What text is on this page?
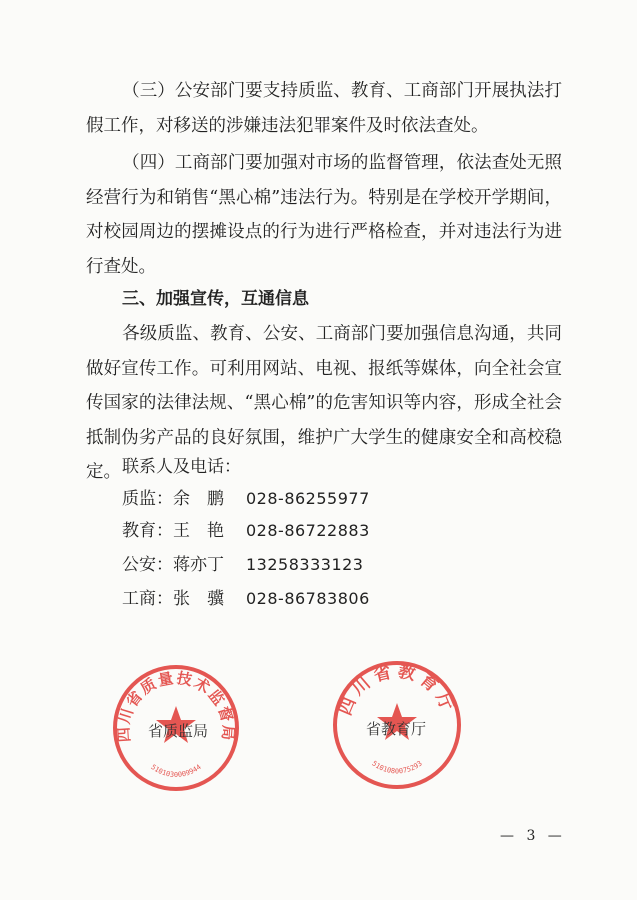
（三）公安部门要支持质监、教育、工商部门开展执法打假工作，对移送的涉嫌违法犯罪案件及时依法查处。

（四）工商部门要加强对市场的监督管理，依法查处无照经营行为和销售“黑心棉”违法行为。特别是在学校开学期间，对校园周边的摆摊设点的行为进行严格检查，并对违法行为进行查处。

三、加强宣传，互通信息

各级质监、教育、公安、工商部门要加强信息沟通，共同做好宣传工作。可利用网站、电视、报纸等媒体，向全社会宣传国家的法律法规、“黑心棉”的危害知识等内容，形成全社会抵制伪劣产品的良好氛围，维护广大学生的健康安全和高校稳定。 联系人及电话：
质监：余　鹏 028-86255977
教育：王　艳 028-86722883
公安：蒋亦丁 13258333123
工商：张　骥 028-86783806
四川省质量技术监督局
5101030009944
省质监局
四川省教育厅
5101080075293
省教育厅
— 3 —
